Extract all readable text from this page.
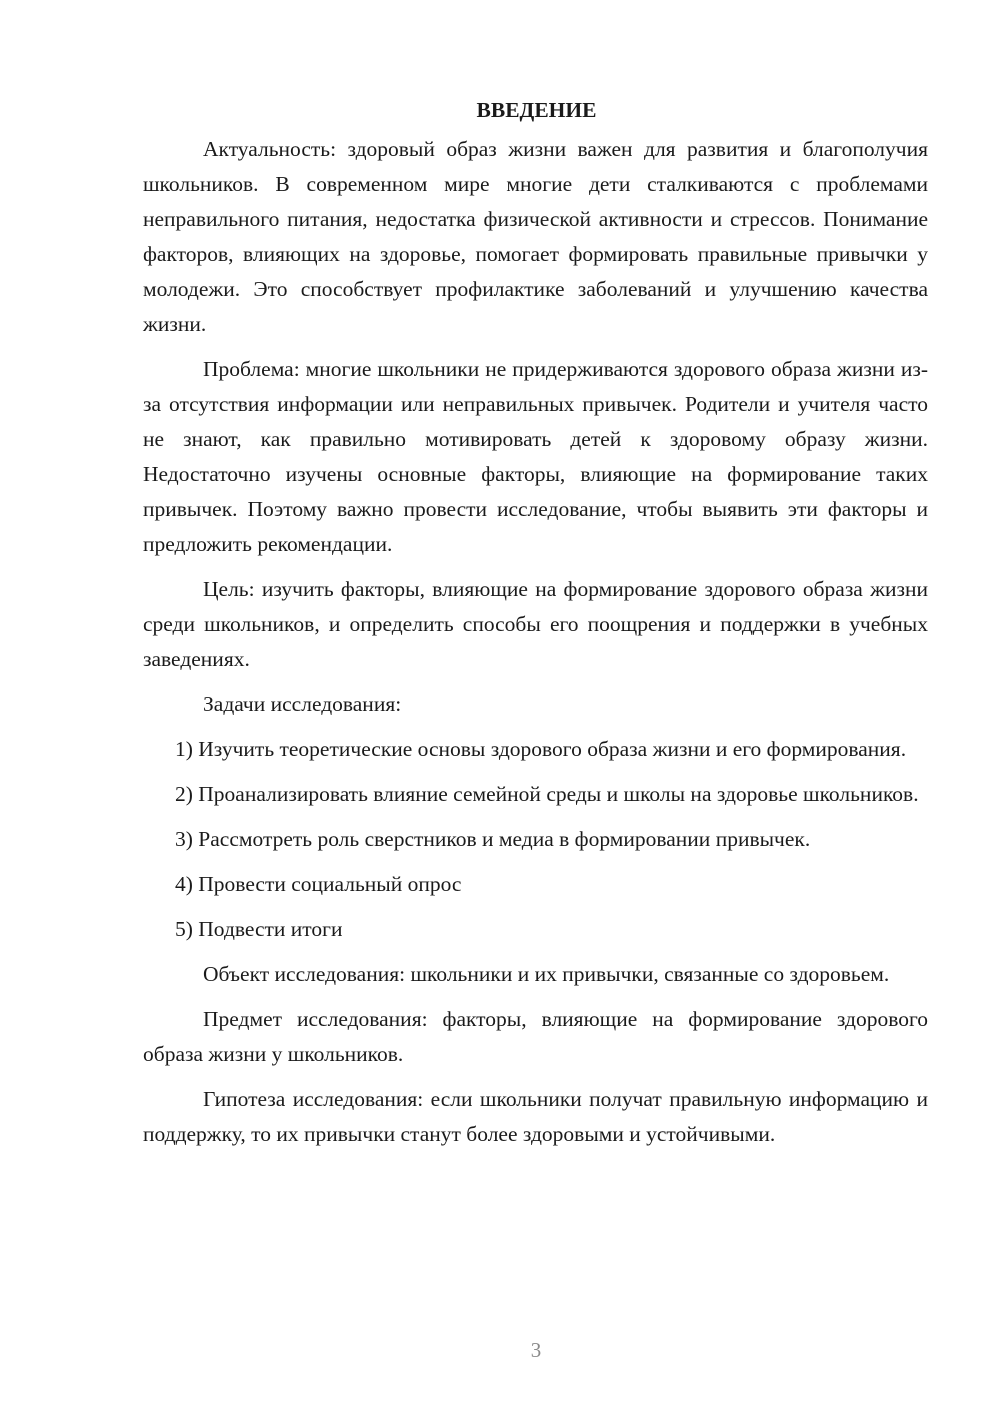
ВВЕДЕНИЕ

Актуальность: здоровый образ жизни важен для развития и благополучия школьников. В современном мире многие дети сталкиваются с проблемами неправильного питания, недостатка физической активности и стрессов. Понимание факторов, влияющих на здоровье, помогает формировать правильные привычки у молодежи. Это способствует профилактике заболеваний и улучшению качества жизни.

Проблема: многие школьники не придерживаются здорового образа жизни из-за отсутствия информации или неправильных привычек. Родители и учителя часто не знают, как правильно мотивировать детей к здоровому образу жизни. Недостаточно изучены основные факторы, влияющие на формирование таких привычек. Поэтому важно провести исследование, чтобы выявить эти факторы и предложить рекомендации.

Цель: изучить факторы, влияющие на формирование здорового образа жизни среди школьников, и определить способы его поощрения и поддержки в учебных заведениях.

Задачи исследования:

1) Изучить теоретические основы здорового образа жизни и его формирования.

2) Проанализировать влияние семейной среды и школы на здоровье школьников.

3) Рассмотреть роль сверстников и медиа в формировании привычек.

4) Провести социальный опрос

5) Подвести итоги

Объект исследования: школьники и их привычки, связанные со здоровьем.

Предмет исследования: факторы, влияющие на формирование здорового образа жизни у школьников.

Гипотеза исследования: если школьники получат правильную информацию и поддержку, то их привычки станут более здоровыми и устойчивыми.

3
